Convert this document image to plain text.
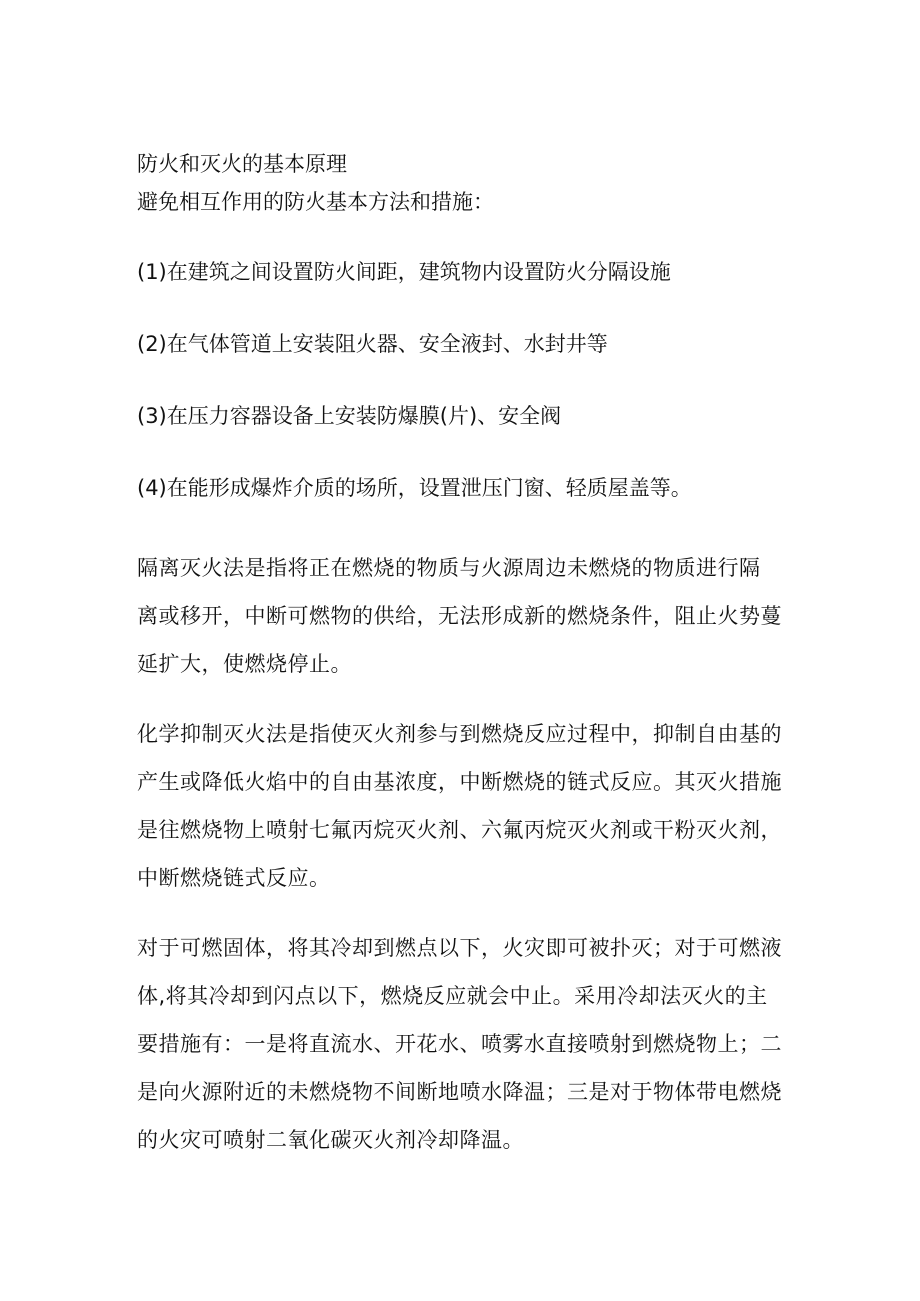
防火和灭火的基本原理

避免相互作用的防火基本方法和措施：

(1)在建筑之间设置防火间距，建筑物内设置防火分隔设施

(2)在气体管道上安装阻火器、安全液封、水封井等

(3)在压力容器设备上安装防爆膜(片)、安全阀

(4)在能形成爆炸介质的场所，设置泄压门窗、轻质屋盖等。

隔离灭火法是指将正在燃烧的物质与火源周边未燃烧的物质进行隔
离或移开，中断可燃物的供给，无法形成新的燃烧条件，阻止火势蔓
延扩大，使燃烧停止。
化学抑制灭火法是指使灭火剂参与到燃烧反应过程中，抑制自由基的
产生或降低火焰中的自由基浓度，中断燃烧的链式反应。其灭火措施
是往燃烧物上喷射七氟丙烷灭火剂、六氟丙烷灭火剂或干粉灭火剂，
中断燃烧链式反应。
对于可燃固体，将其冷却到燃点以下，火灾即可被扑灭；对于可燃液
体,将其冷却到闪点以下，燃烧反应就会中止。采用冷却法灭火的主
要措施有：一是将直流水、开花水、喷雾水直接喷射到燃烧物上；二
是向火源附近的未燃烧物不间断地喷水降温；三是对于物体带电燃烧
的火灾可喷射二氧化碳灭火剂冷却降温。
